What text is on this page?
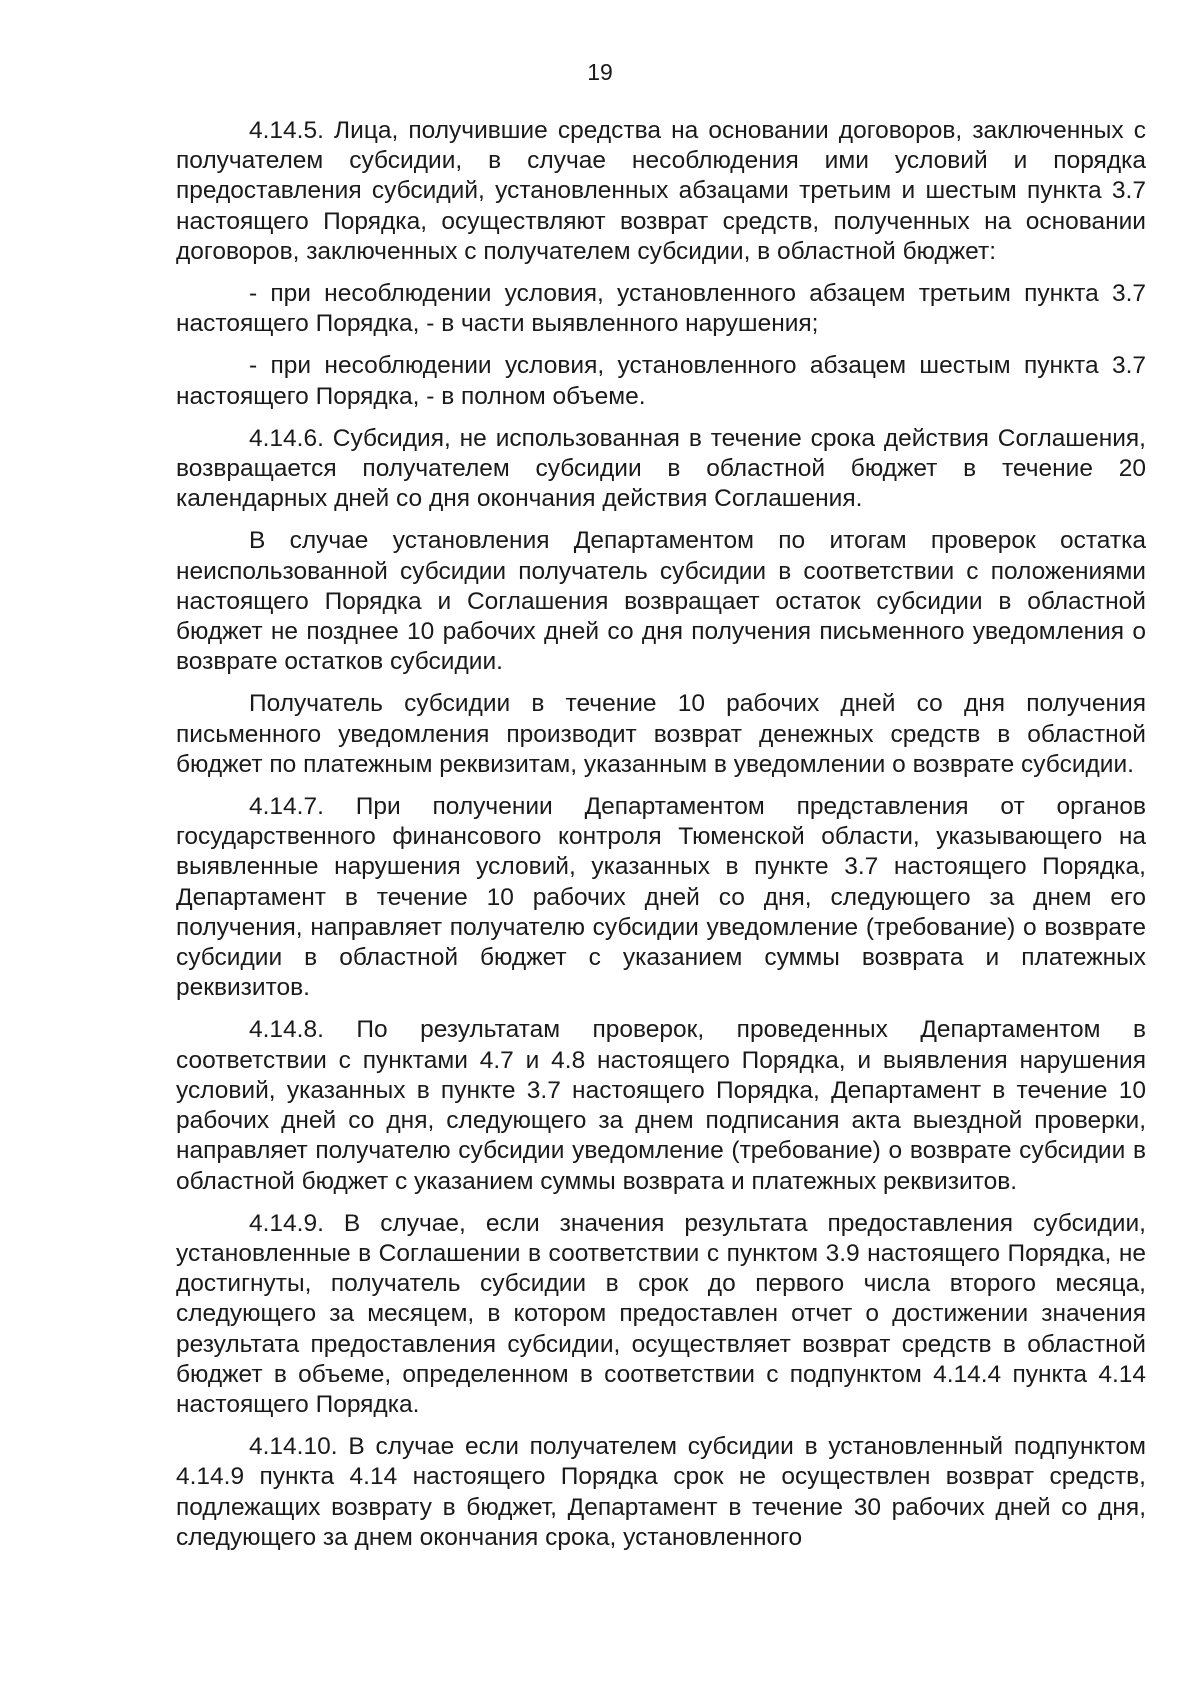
19

4.14.5. Лица, получившие средства на основании договоров, заключенных с получателем субсидии, в случае несоблюдения ими условий и порядка предоставления субсидий, установленных абзацами третьим и шестым пункта 3.7 настоящего Порядка, осуществляют возврат средств, полученных на основании договоров, заключенных с получателем субсидии, в областной бюджет:

- при несоблюдении условия, установленного абзацем третьим пункта 3.7 настоящего Порядка, - в части выявленного нарушения;

- при несоблюдении условия, установленного абзацем шестым пункта 3.7 настоящего Порядка, - в полном объеме.

4.14.6. Субсидия, не использованная в течение срока действия Соглашения, возвращается получателем субсидии в областной бюджет в течение 20 календарных дней со дня окончания действия Соглашения.

В случае установления Департаментом по итогам проверок остатка неиспользованной субсидии получатель субсидии в соответствии с положениями настоящего Порядка и Соглашения возвращает остаток субсидии в областной бюджет не позднее 10 рабочих дней со дня получения письменного уведомления о возврате остатков субсидии.

Получатель субсидии в течение 10 рабочих дней со дня получения письменного уведомления производит возврат денежных средств в областной бюджет по платежным реквизитам, указанным в уведомлении о возврате субсидии.

4.14.7. При получении Департаментом представления от органов государственного финансового контроля Тюменской области, указывающего на выявленные нарушения условий, указанных в пункте 3.7 настоящего Порядка, Департамент в течение 10 рабочих дней со дня, следующего за днем его получения, направляет получателю субсидии уведомление (требование) о возврате субсидии в областной бюджет с указанием суммы возврата и платежных реквизитов.

4.14.8. По результатам проверок, проведенных Департаментом в соответствии с пунктами 4.7 и 4.8 настоящего Порядка, и выявления нарушения условий, указанных в пункте 3.7 настоящего Порядка, Департамент в течение 10 рабочих дней со дня, следующего за днем подписания акта выездной проверки, направляет получателю субсидии уведомление (требование) о возврате субсидии в областной бюджет с указанием суммы возврата и платежных реквизитов.

4.14.9. В случае, если значения результата предоставления субсидии, установленные в Соглашении в соответствии с пунктом 3.9 настоящего Порядка, не достигнуты, получатель субсидии в срок до первого числа второго месяца, следующего за месяцем, в котором предоставлен отчет о достижении значения результата предоставления субсидии, осуществляет возврат средств в областной бюджет в объеме, определенном в соответствии с подпунктом 4.14.4 пункта 4.14 настоящего Порядка.

4.14.10. В случае если получателем субсидии в установленный подпунктом 4.14.9 пункта 4.14 настоящего Порядка срок не осуществлен возврат средств, подлежащих возврату в бюджет, Департамент в течение 30 рабочих дней со дня, следующего за днем окончания срока, установленного
